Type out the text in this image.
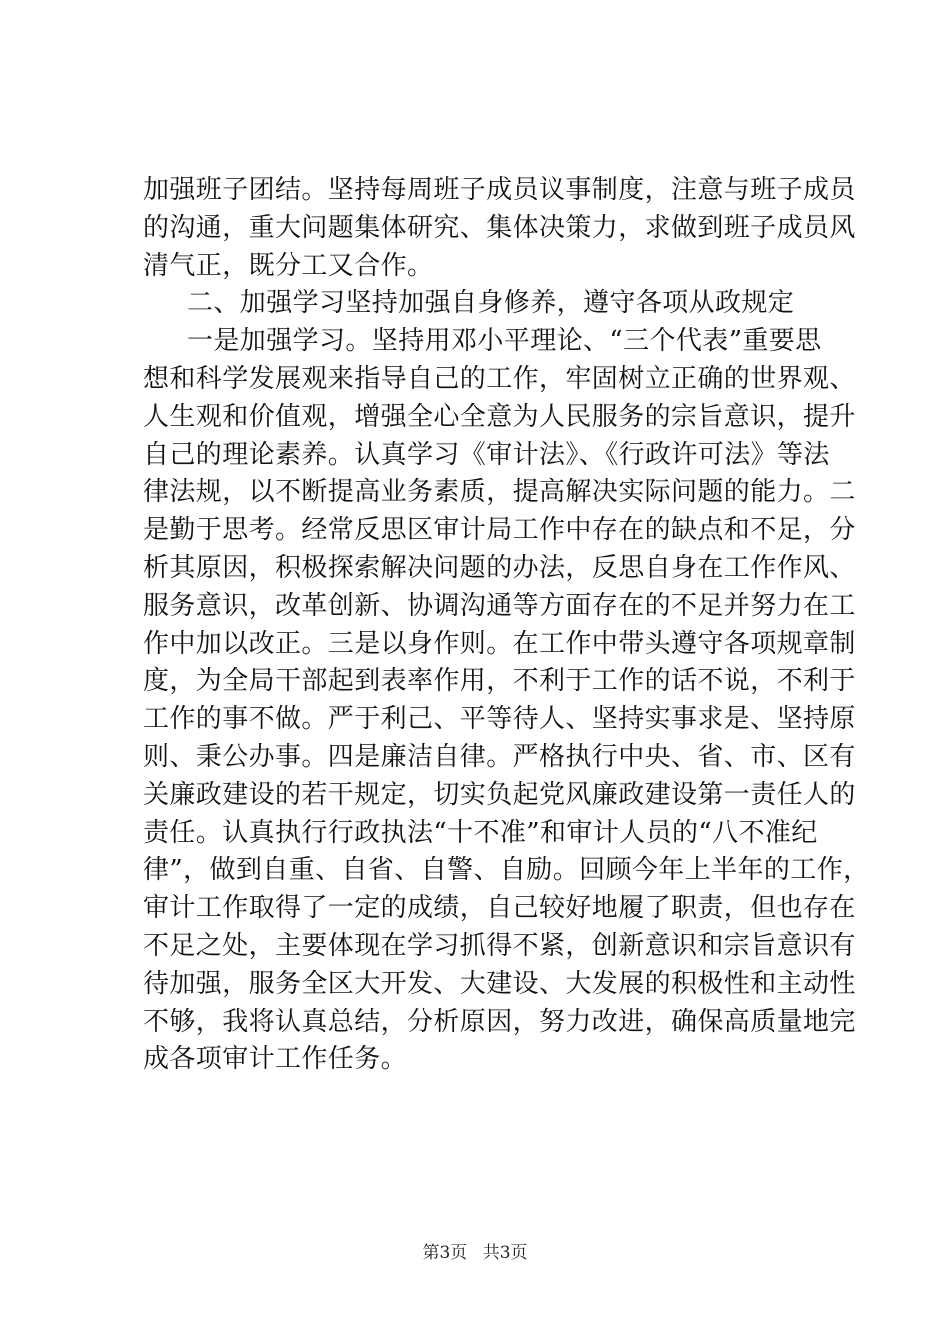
加强班子团结。坚持每周班子成员议事制度，注意与班子成员
的沟通，重大问题集体研究、集体决策力，求做到班子成员风
清气正，既分工又合作。
二、加强学习坚持加强自身修养，遵守各项从政规定
一是加强学习。坚持用邓小平理论、“三个代表”重要思
想和科学发展观来指导自己的工作，牢固树立正确的世界观、
人生观和价值观，增强全心全意为人民服务的宗旨意识，提升
自己的理论素养。认真学习《审计法》、《行政许可法》等法
律法规，以不断提高业务素质，提高解决实际问题的能力。二
是勤于思考。经常反思区审计局工作中存在的缺点和不足，分
析其原因，积极探索解决问题的办法，反思自身在工作作风、
服务意识，改革创新、协调沟通等方面存在的不足并努力在工
作中加以改正。三是以身作则。在工作中带头遵守各项规章制
度，为全局干部起到表率作用，不利于工作的话不说，不利于
工作的事不做。严于利己、平等待人、坚持实事求是、坚持原
则、秉公办事。四是廉洁自律。严格执行中央、省、市、区有
关廉政建设的若干规定，切实负起党风廉政建设第一责任人的
责任。认真执行行政执法“十不准”和审计人员的“八不准纪
律”，做到自重、自省、自警、自励。回顾今年上半年的工作，
审计工作取得了一定的成绩，自己较好地履了职责，但也存在
不足之处，主要体现在学习抓得不紧，创新意识和宗旨意识有
待加强，服务全区大开发、大建设、大发展的积极性和主动性
不够，我将认真总结，分析原因，努力改进，确保高质量地完
成各项审计工作任务。
第3页 共3页
